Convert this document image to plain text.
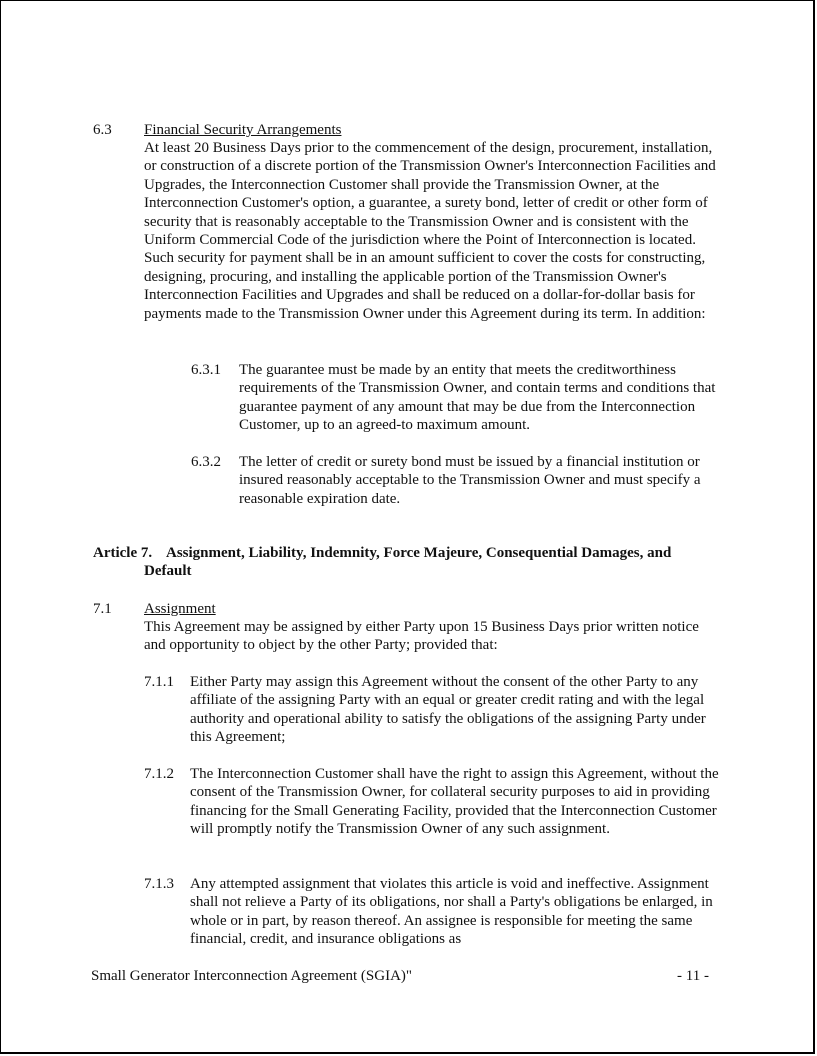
6.3 Financial Security Arrangements

At least 20 Business Days prior to the commencement of the design, procurement, installation, or construction of a discrete portion of the Transmission Owner's Interconnection Facilities and Upgrades, the Interconnection Customer shall provide the Transmission Owner, at the Interconnection Customer's option, a guarantee, a surety bond, letter of credit or other form of security that is reasonably acceptable to the Transmission Owner and is consistent with the Uniform Commercial Code of the jurisdiction where the Point of Interconnection is located. Such security for payment shall be in an amount sufficient to cover the costs for constructing, designing, procuring, and installing the applicable portion of the Transmission Owner's Interconnection Facilities and Upgrades and shall be reduced on a dollar-for-dollar basis for payments made to the Transmission Owner under this Agreement during its term. In addition:

6.3.1 The guarantee must be made by an entity that meets the creditworthiness requirements of the Transmission Owner, and contain terms and conditions that guarantee payment of any amount that may be due from the Interconnection Customer, up to an agreed-to maximum amount.

6.3.2 The letter of credit or surety bond must be issued by a financial institution or insured reasonably acceptable to the Transmission Owner and must specify a reasonable expiration date.

Article 7. Assignment, Liability, Indemnity, Force Majeure, Consequential Damages, and Default

7.1 Assignment

This Agreement may be assigned by either Party upon 15 Business Days prior written notice and opportunity to object by the other Party; provided that:

7.1.1 Either Party may assign this Agreement without the consent of the other Party to any affiliate of the assigning Party with an equal or greater credit rating and with the legal authority and operational ability to satisfy the obligations of the assigning Party under this Agreement;

7.1.2 The Interconnection Customer shall have the right to assign this Agreement, without the consent of the Transmission Owner, for collateral security purposes to aid in providing financing for the Small Generating Facility, provided that the Interconnection Customer will promptly notify the Transmission Owner of any such assignment.

7.1.3 Any attempted assignment that violates this article is void and ineffective. Assignment shall not relieve a Party of its obligations, nor shall a Party's obligations be enlarged, in whole or in part, by reason thereof. An assignee is responsible for meeting the same financial, credit, and insurance obligations as

Small Generator Interconnection Agreement (SGIA)"	- 11 -
